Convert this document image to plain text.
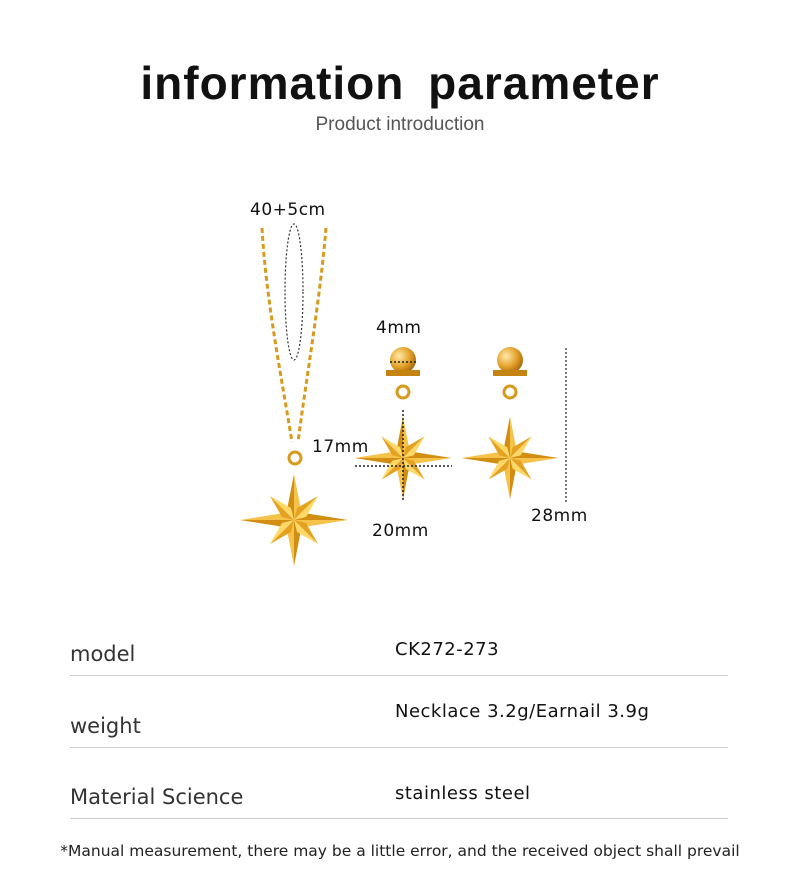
information parameter
Product introduction
40+5cm
4mm
17mm
20mm
28mm
model	CK272-273
weight
Necklace 3.2g/Earnail 3.9g
Material Science	stainless steel
*Manual measurement, there may be a little error, and the received object shall prevail
